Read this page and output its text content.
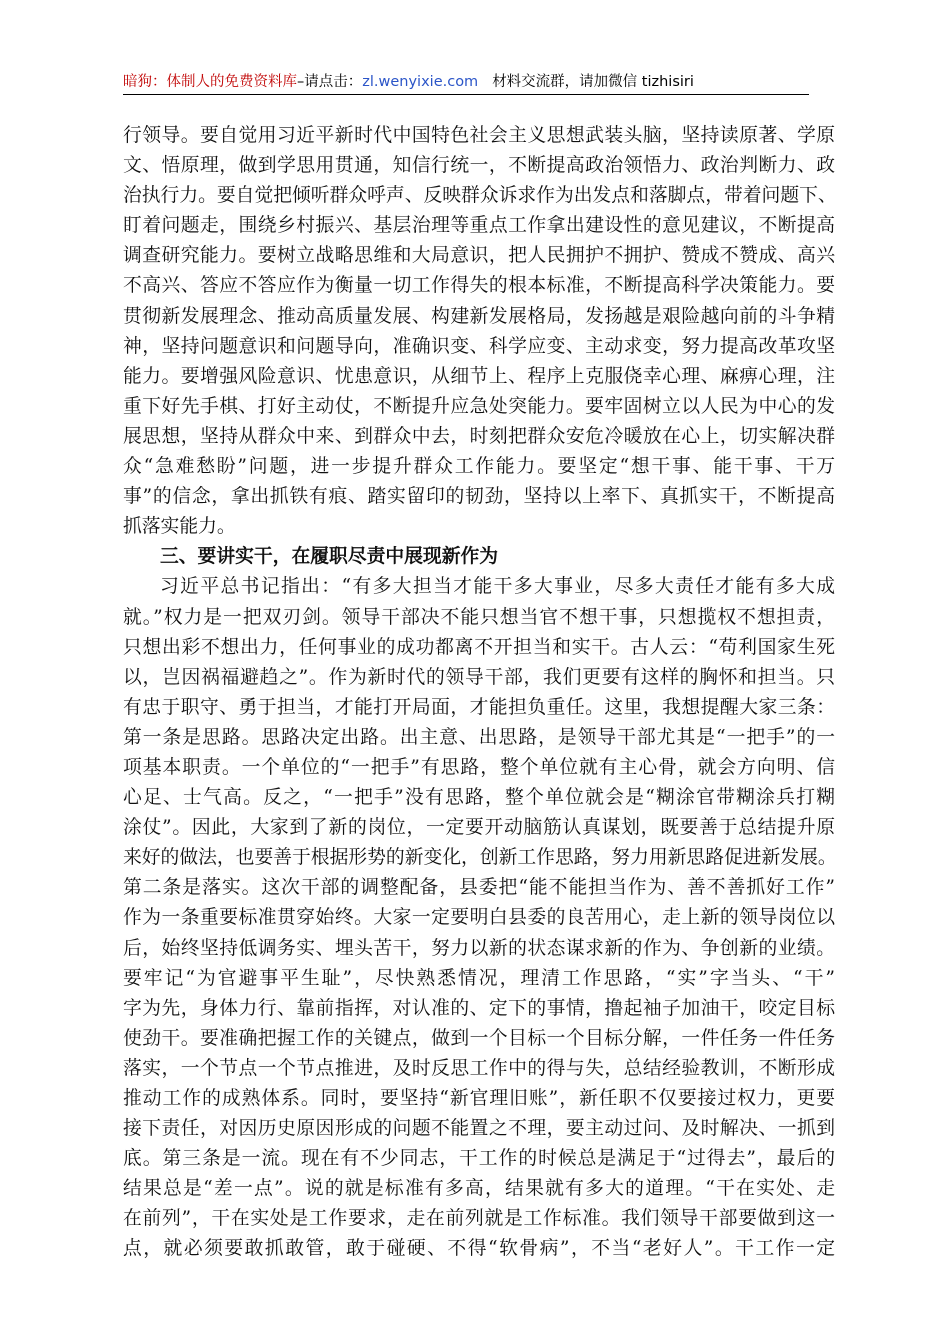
暗狗：体制人的免费资料库–请点击：zl.wenyixie.com 材料交流群，请加微信 tizhisiri
行领导。要自觉用习近平新时代中国特色社会主义思想武装头脑，坚持读原著、学原
文、悟原理，做到学思用贯通，知信行统一，不断提高政治领悟力、政治判断力、政
治执行力。要自觉把倾听群众呼声、反映群众诉求作为出发点和落脚点，带着问题下、
盯着问题走，围绕乡村振兴、基层治理等重点工作拿出建设性的意见建议，不断提高
调查研究能力。要树立战略思维和大局意识，把人民拥护不拥护、赞成不赞成、高兴
不高兴、答应不答应作为衡量一切工作得失的根本标准，不断提高科学决策能力。要
贯彻新发展理念、推动高质量发展、构建新发展格局，发扬越是艰险越向前的斗争精
神，坚持问题意识和问题导向，准确识变、科学应变、主动求变，努力提高改革攻坚
能力。要增强风险意识、忧患意识，从细节上、程序上克服侥幸心理、麻痹心理，注
重下好先手棋、打好主动仗，不断提升应急处突能力。要牢固树立以人民为中心的发
展思想，坚持从群众中来、到群众中去，时刻把群众安危冷暖放在心上，切实解决群
众“急难愁盼”问题，进一步提升群众工作能力。要坚定“想干事、能干事、干万
事”的信念，拿出抓铁有痕、踏实留印的韧劲，坚持以上率下、真抓实干，不断提高
抓落实能力。
三、要讲实干，在履职尽责中展现新作为
习近平总书记指出：“有多大担当才能干多大事业，尽多大责任才能有多大成
就。”权力是一把双刃剑。领导干部决不能只想当官不想干事，只想揽权不想担责，
只想出彩不想出力，任何事业的成功都离不开担当和实干。古人云：“苟利国家生死
以，岂因祸福避趋之”。作为新时代的领导干部，我们更要有这样的胸怀和担当。只
有忠于职守、勇于担当，才能打开局面，才能担负重任。这里，我想提醒大家三条：
第一条是思路。思路决定出路。出主意、出思路，是领导干部尤其是“一把手”的一
项基本职责。一个单位的“一把手”有思路，整个单位就有主心骨，就会方向明、信
心足、士气高。反之，“一把手”没有思路，整个单位就会是“糊涂官带糊涂兵打糊
涂仗”。因此，大家到了新的岗位，一定要开动脑筋认真谋划，既要善于总结提升原
来好的做法，也要善于根据形势的新变化，创新工作思路，努力用新思路促进新发展。
第二条是落实。这次干部的调整配备，县委把“能不能担当作为、善不善抓好工作”
作为一条重要标准贯穿始终。大家一定要明白县委的良苦用心，走上新的领导岗位以
后，始终坚持低调务实、埋头苦干，努力以新的状态谋求新的作为、争创新的业绩。
要牢记“为官避事平生耻”，尽快熟悉情况，理清工作思路，“实”字当头、“干”
字为先，身体力行、靠前指挥，对认准的、定下的事情，撸起袖子加油干，咬定目标
使劲干。要准确把握工作的关键点，做到一个目标一个目标分解，一件任务一件任务
落实，一个节点一个节点推进，及时反思工作中的得与失，总结经验教训，不断形成
推动工作的成熟体系。同时，要坚持“新官理旧账”，新任职不仅要接过权力，更要
接下责任，对因历史原因形成的问题不能置之不理，要主动过问、及时解决、一抓到
底。第三条是一流。现在有不少同志，干工作的时候总是满足于“过得去”，最后的
结果总是“差一点”。说的就是标准有多高，结果就有多大的道理。“干在实处、走
在前列”，干在实处是工作要求，走在前列就是工作标准。我们领导干部要做到这一
点，就必须要敢抓敢管，敢于碰硬、不得“软骨病”，不当“老好人”。干工作一定
